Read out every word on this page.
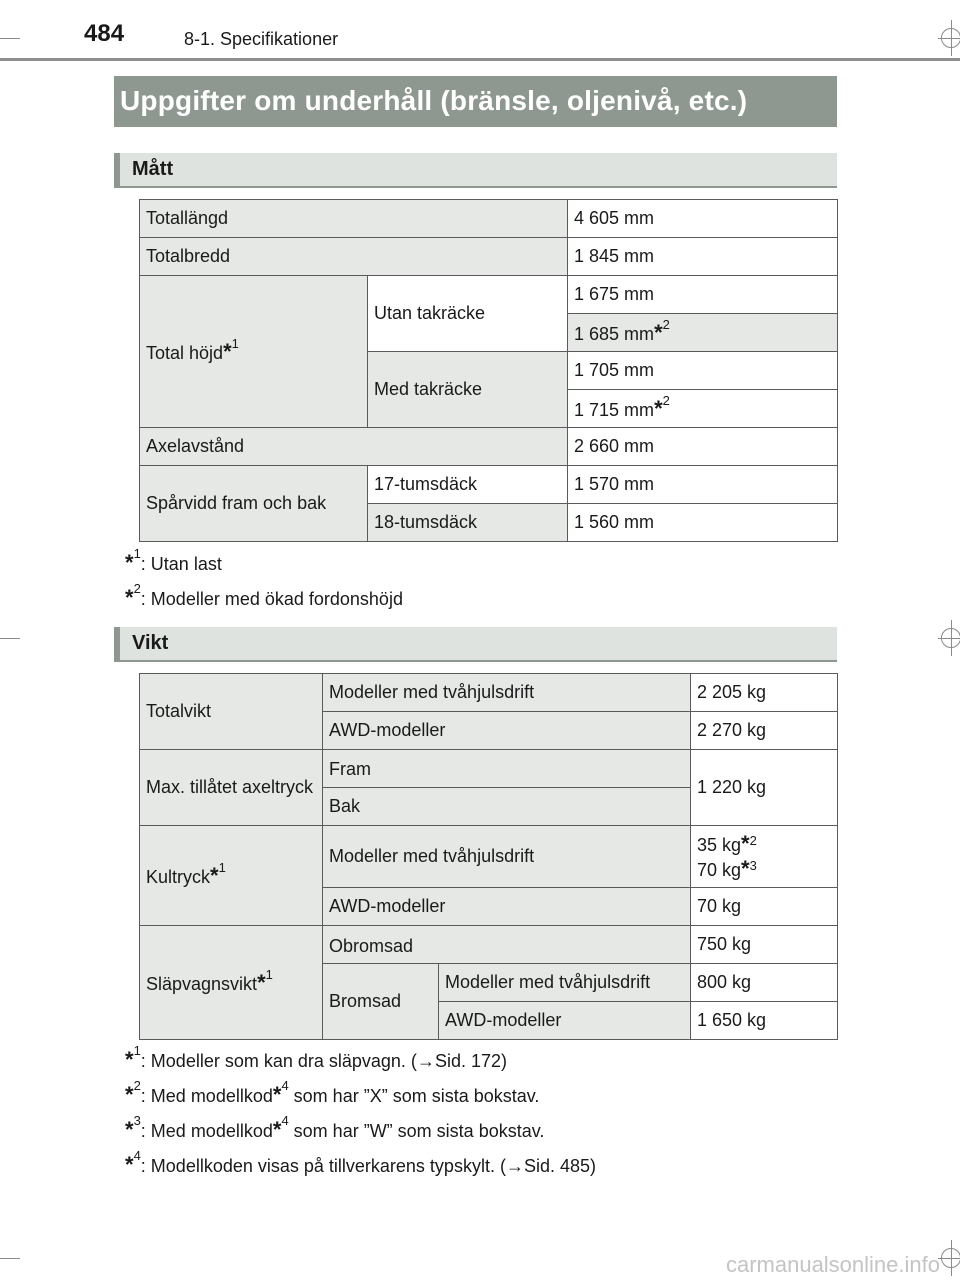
484	8-1. Specifikationer
Uppgifter om underhåll (bränsle, oljenivå, etc.)
Mått
Totallängd		4 605 mm
Totalbredd		1 845 mm
Total höjd*$^1$	Utan takräcke	1 675 mm
		1 685 mm*$^2$
	Med takräcke	1 705 mm
		1 715 mm*$^2$
Axelavstånd		2 660 mm
Spårvidd fram och bak	17-tumsdäck	1 570 mm
	18-tumsdäck	1 560 mm
*$^1$: Utan last
*$^2$: Modeller med ökad fordonshöjd
Vikt
Totalvikt	Modeller med tvåhjulsdrift		2 205 kg
	AWD-modeller		2 270 kg
Max. tillåtet axeltryck	Fram		1 220 kg
	Bak		
Kultryck*$^1$	Modeller med tvåhjulsdrift		35 kg*$^2$
70 kg*$^3$

	AWD-modeller		70 kg
Släpvagnsvikt*$^1$	Obromsad		750 kg
	Bromsad	Modeller med tvåhjulsdrift	800 kg
		AWD-modeller	1 650 kg
*$^1$: Modeller som kan dra släpvagn. (→Sid. 172)
*$^2$: Med modellkod*$^4$ som har ”X” som sista bokstav.
*$^3$: Med modellkod*$^4$ som har ”W” som sista bokstav.
*$^4$: Modellkoden visas på tillverkarens typskylt. (→Sid. 485)
carmanualsonline.info
